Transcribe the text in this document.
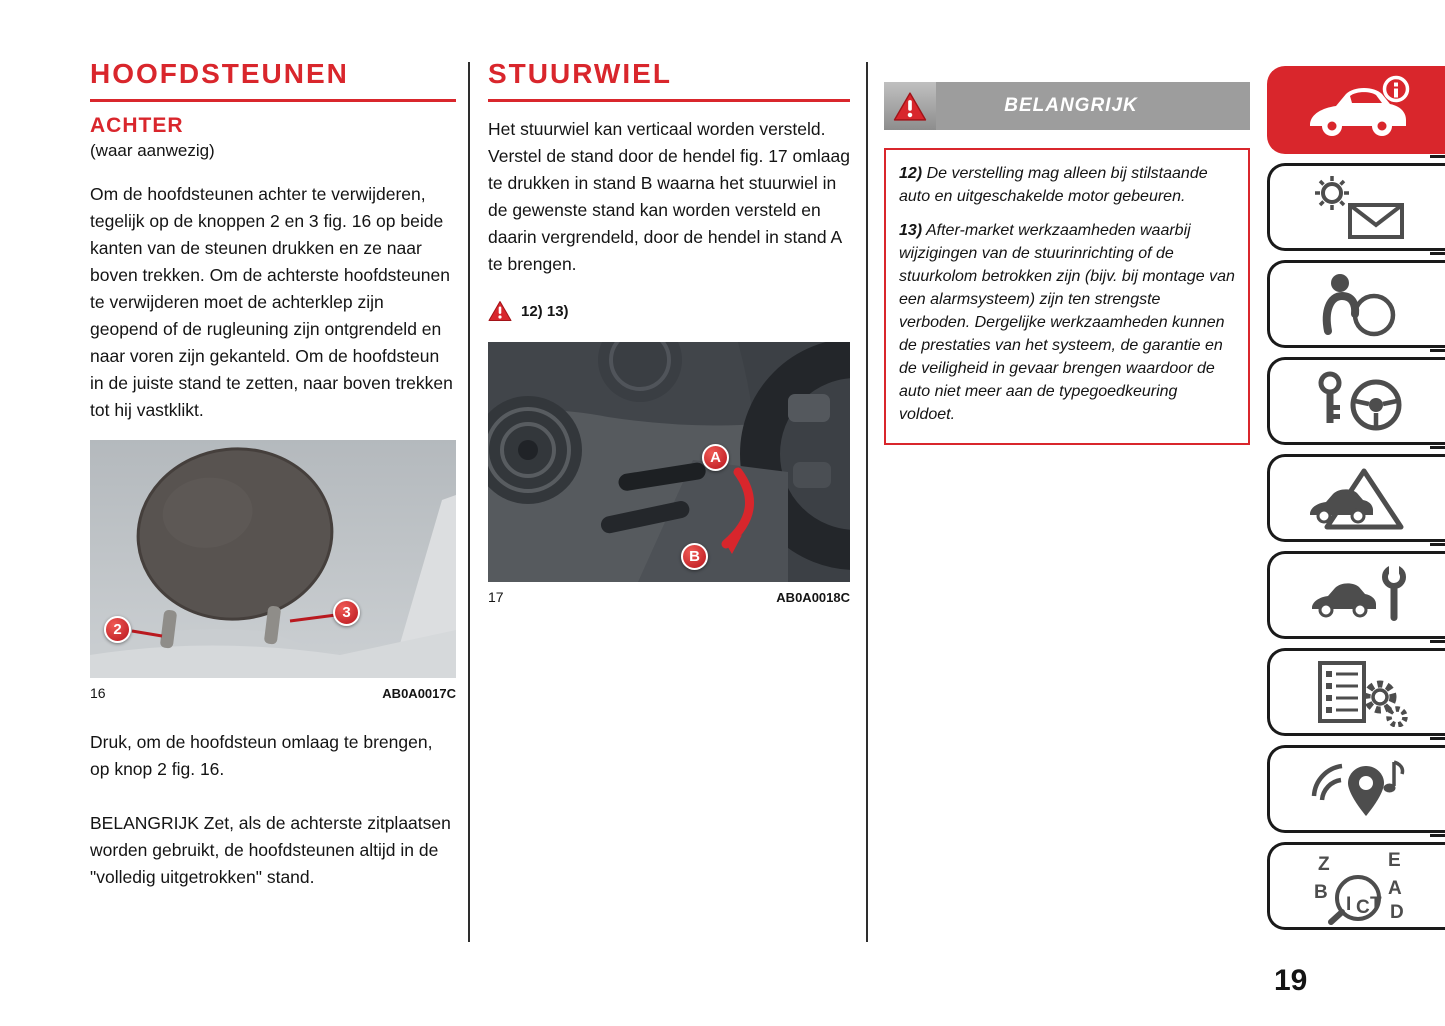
HOOFDSTEUNEN
ACHTER
(waar aanwezig)

Om de hoofdsteunen achter te verwijderen, tegelijk op de knoppen 2 en 3 fig. 16 op beide kanten van de steunen drukken en ze naar boven trekken. Om de achterste hoofdsteunen te verwijderen moet de achterklep zijn geopend of de rugleuning zijn ontgrendeld en naar voren zijn gekanteld. Om de hoofdsteun in de juiste stand te zetten, naar boven trekken tot hij vastklikt.

2
3
16	AB0A0017C

Druk, om de hoofdsteun omlaag te brengen, op knop 2 fig. 16.

BELANGRIJK Zet, als de achterste zitplaatsen worden gebruikt, de hoofdsteunen altijd in de "volledig uitgetrokken" stand.

STUURWIEL

Het stuurwiel kan verticaal worden versteld.

Verstel de stand door de hendel fig. 17 omlaag te drukken in stand B waarna het stuurwiel in de gewenste stand kan worden versteld en daarin vergrendeld, door de hendel in stand A te brengen.

12) 13)
A
B
17	AB0A0018C
BELANGRIJK

12) De verstelling mag alleen bij stilstaande auto en uitgeschakelde motor gebeuren.

13) After-market werkzaamheden waarbij wijzigingen van de stuurinrichting of de stuurkolom betrokken zijn (bijv. bij montage van een alarmsysteem) zijn ten strengste verboden. Dergelijke werkzaamheden kunnen de prestaties van het systeem, de garantie en de veiligheid in gevaar brengen waardoor de auto niet meer aan de typegoedkeuring voldoet.

Z	E
B	A
I C T D
19
